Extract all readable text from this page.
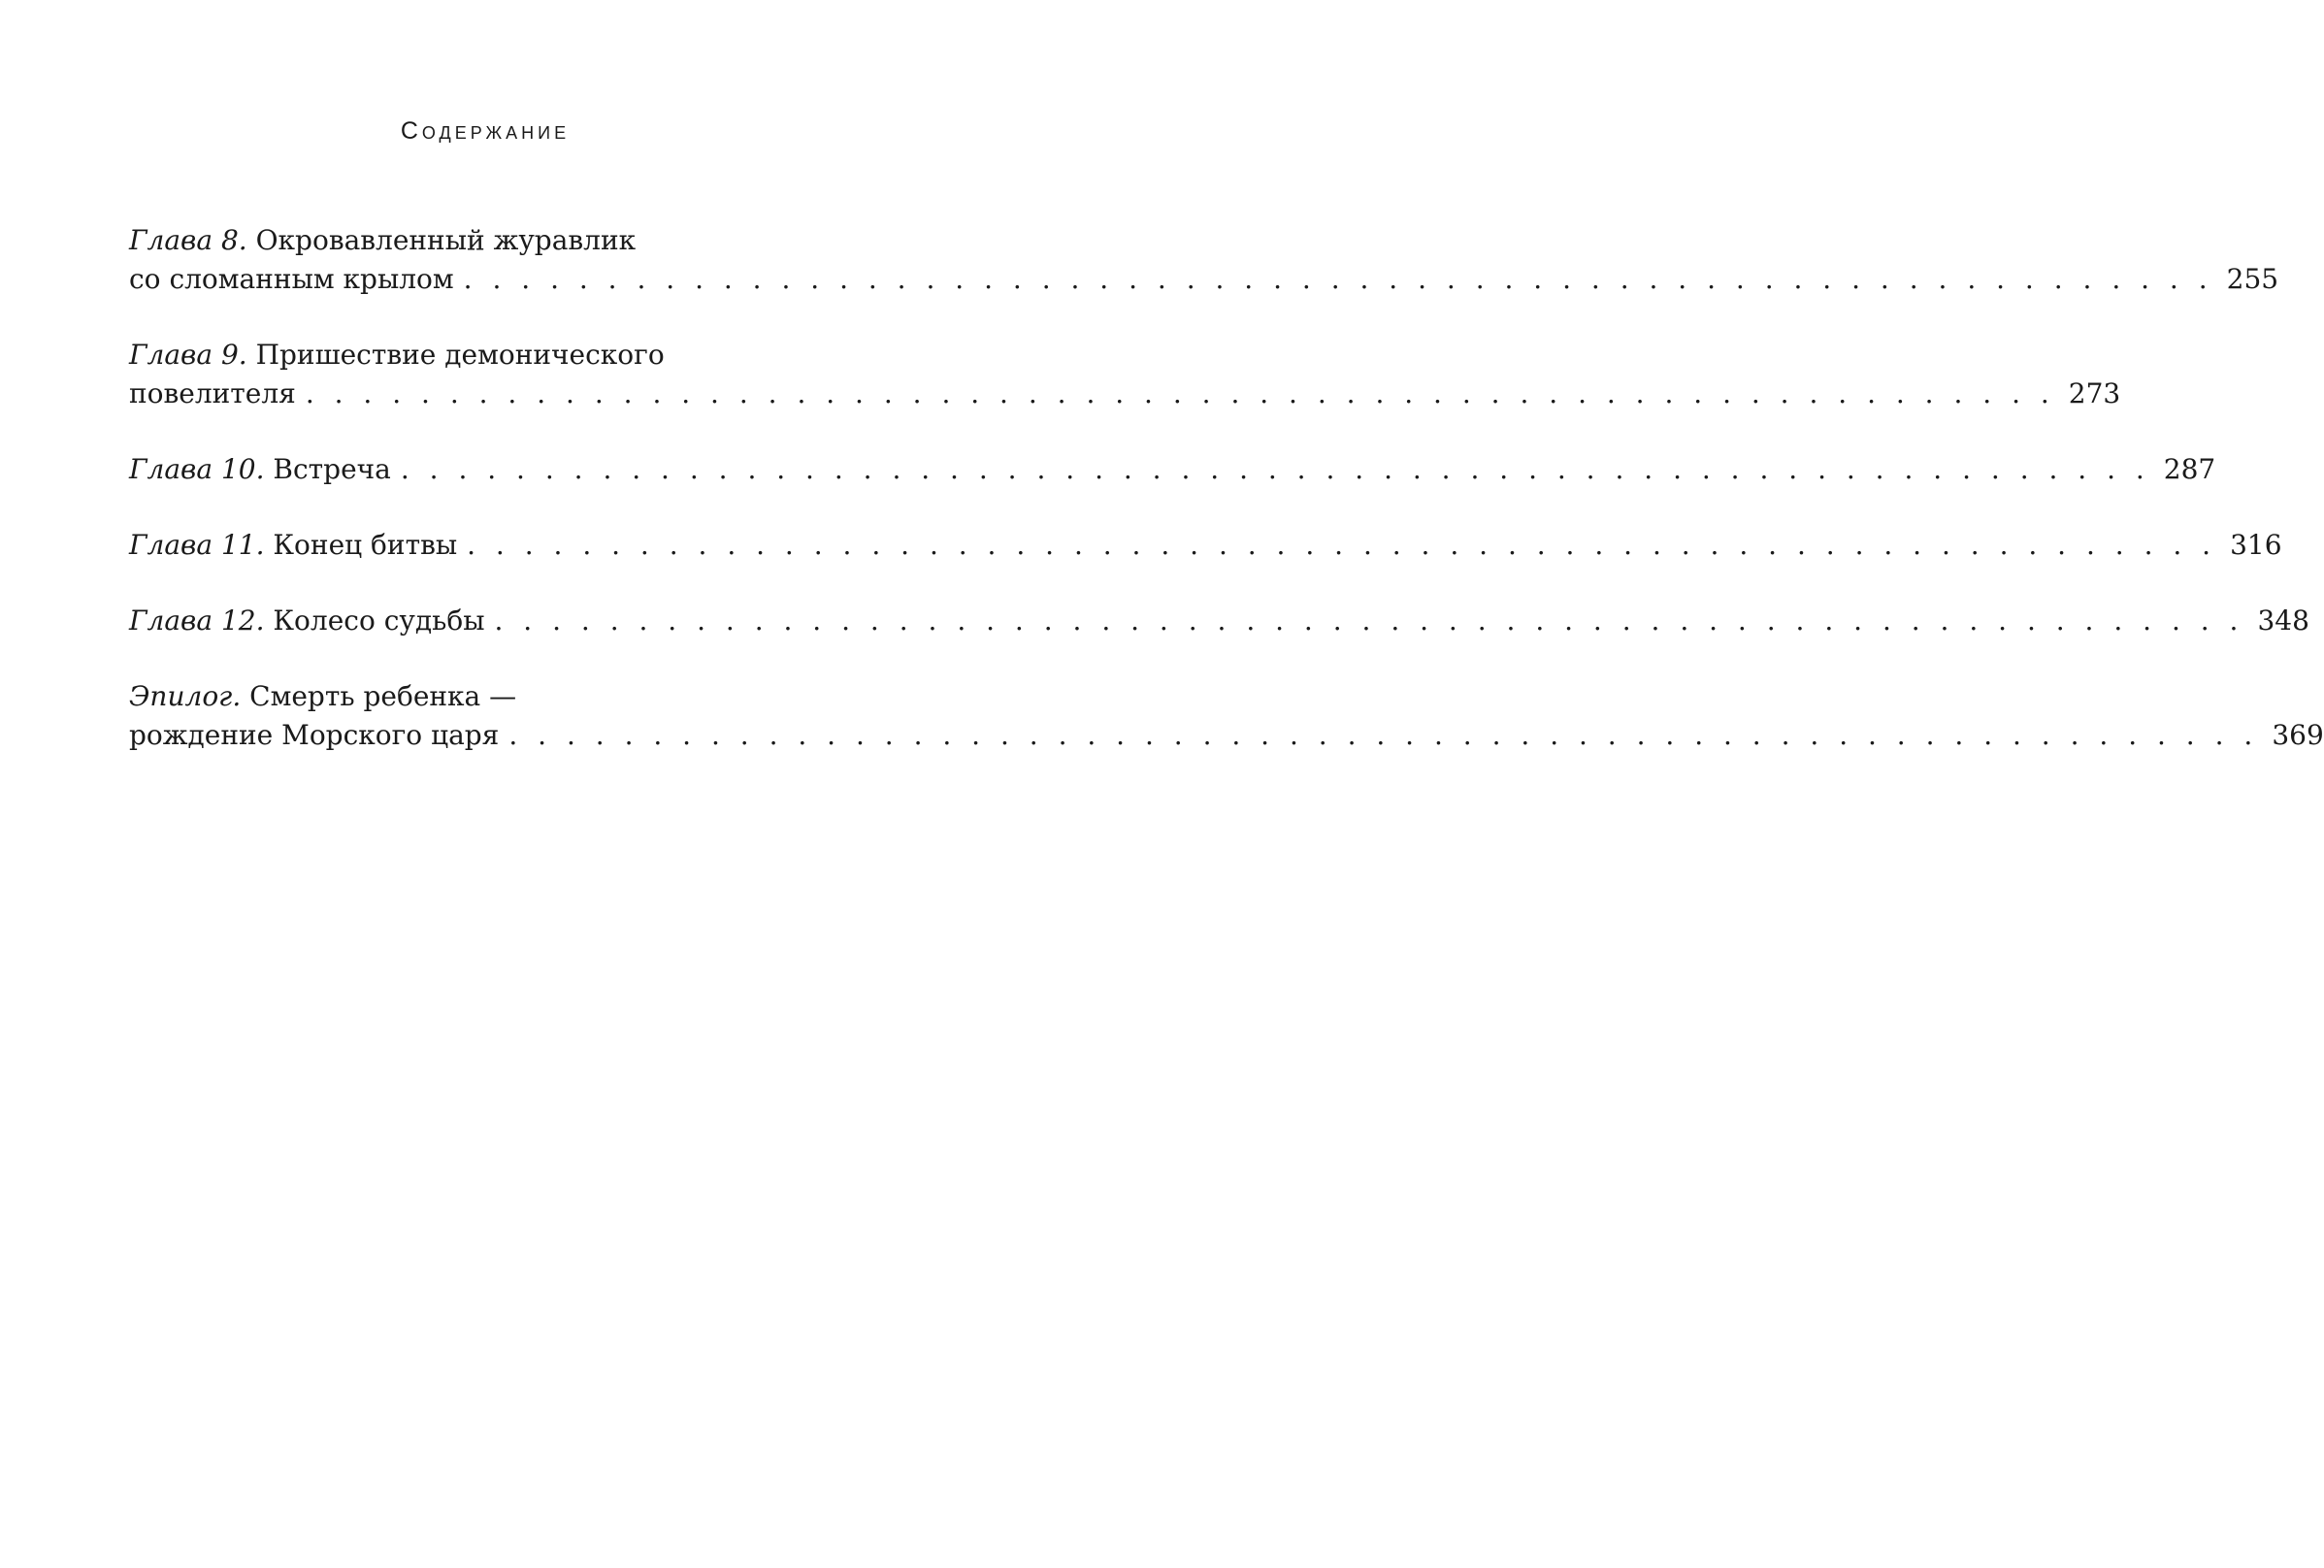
Содержание
Глава 8. Окровавленный журавлик
со сломанным крылом . . . . . . . . . . . . . . . . . . . . . . . . . . . . . . . . . . . . . . . . . . . . . . . . . . . . . . . . . . . . . 255
Глава 9. Пришествие демонического
повелителя . . . . . . . . . . . . . . . . . . . . . . . . . . . . . . . . . . . . . . . . . . . . . . . . . . . . . . . . . . . . . 273
Глава 10. Встреча . . . . . . . . . . . . . . . . . . . . . . . . . . . . . . . . . . . . . . . . . . . . . . . . . . . . . . . . . . . . . 287
Глава 11. Конец битвы . . . . . . . . . . . . . . . . . . . . . . . . . . . . . . . . . . . . . . . . . . . . . . . . . . . . . . . . . . . . . 316
Глава 12. Колесо судьбы . . . . . . . . . . . . . . . . . . . . . . . . . . . . . . . . . . . . . . . . . . . . . . . . . . . . . . . . . . . . . 348
Эпилог. Смерть ребенка —
рождение Морского царя . . . . . . . . . . . . . . . . . . . . . . . . . . . . . . . . . . . . . . . . . . . . . . . . . . . . . . . . . . . . . 369
